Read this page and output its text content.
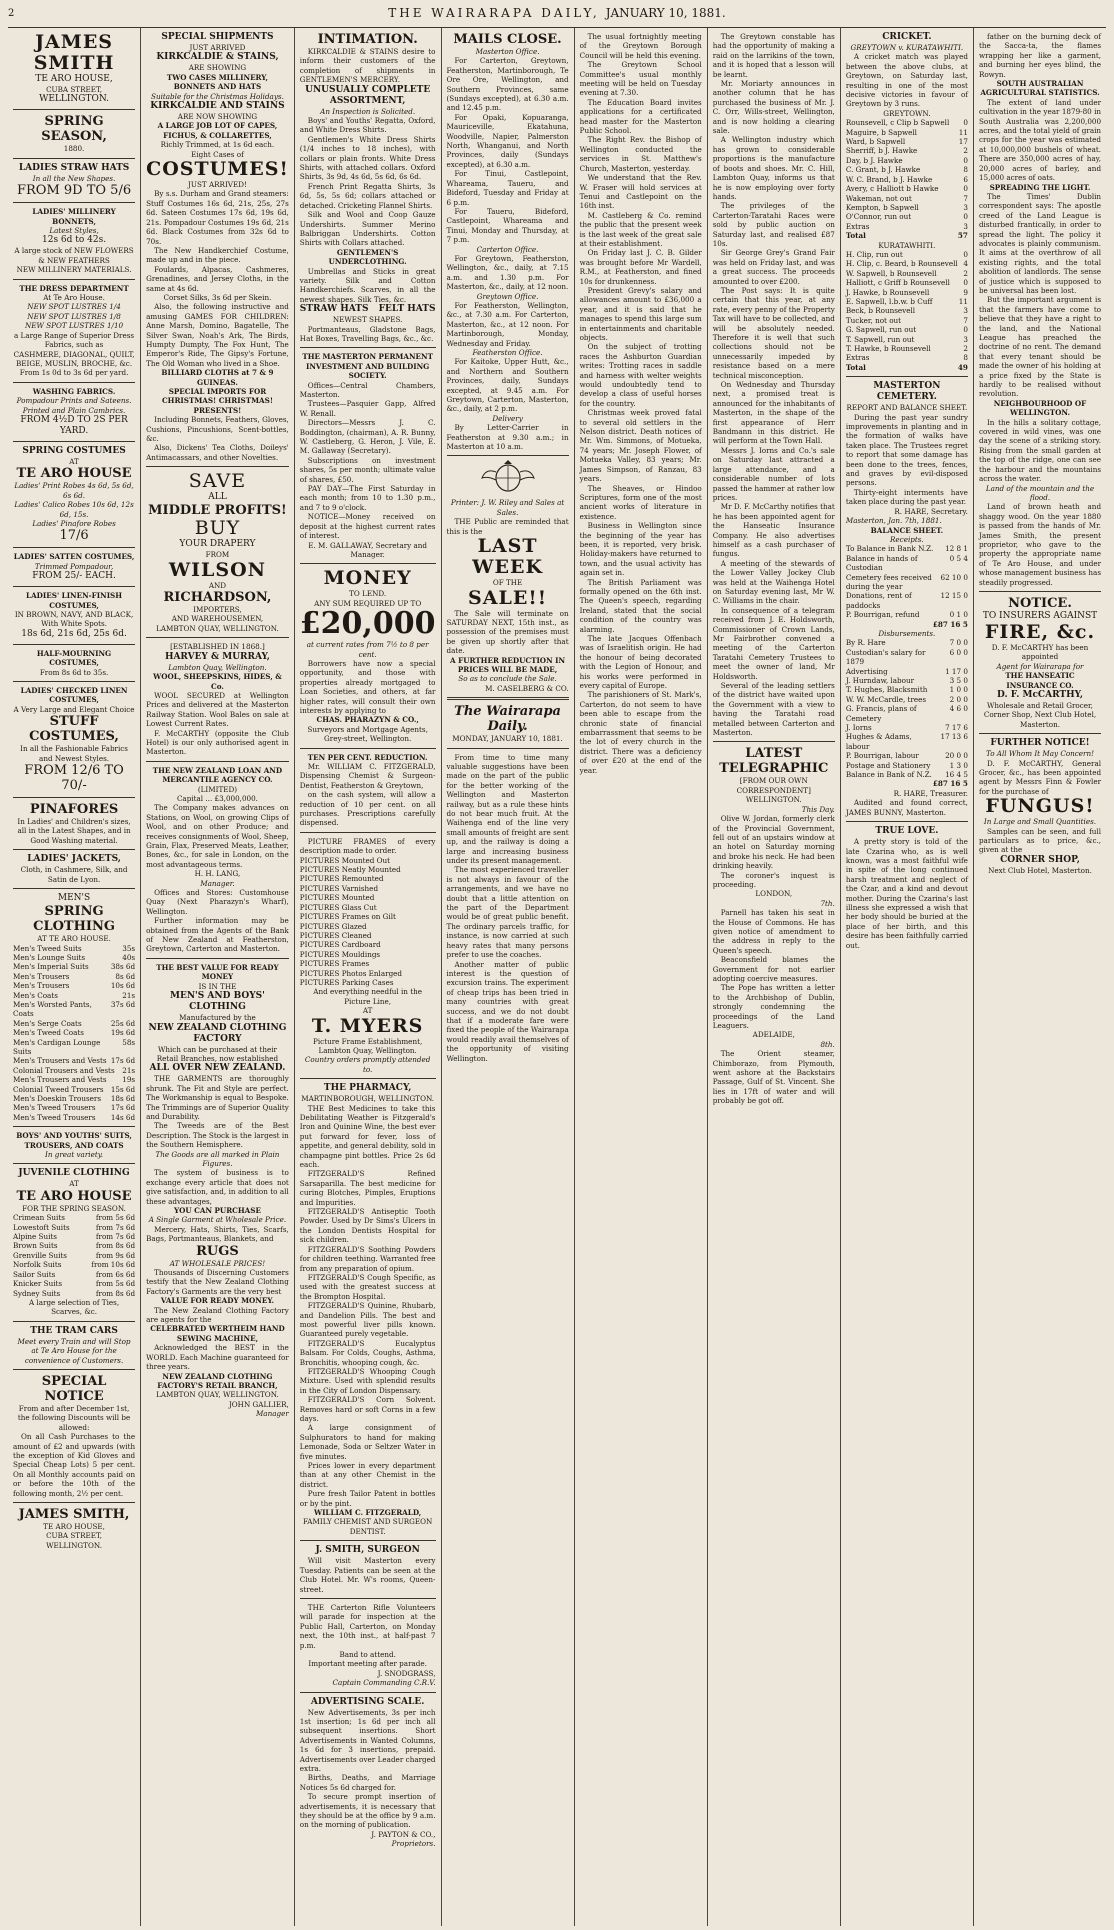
2	THE WAIRARAPA DAILY, JANUARY 10, 1881.
JAMES SMITH
TE ARO HOUSE,
CUBA STREET,
WELLINGTON.
SPRING SEASON,
1880.
LADIES STRAW HATS
In all the New Shapes.
FROM 9D TO 5/6
LADIES' MILLINERY BONNETS,
Latest Styles,
12s 6d to 42s.
A large stock of NEW FLOWERS & NEW FEATHERS
NEW MILLINERY MATERIALS.
THE DRESS DEPARTMENT
At Te Aro House.
NEW SPOT LUSTRES 1/4
NEW SPOT LUSTRES 1/8
NEW SPOT LUSTRES 1/10
a Large Range of Superior Dress Fabrics, such as
CASHMERE, DIAGONAL, QUILT, BEIGE, MUSLIN, BROCHE, &c.
From 1s 0d to 3s 6d per yard.
WASHING FABRICS.
Pompadour Prints and Sateens. Printed and Plain Cambrics.
FROM 4½D TO 2S PER YARD.
SPRING COSTUMES
AT
TE ARO HOUSE
Ladies' Print Robes 4s 6d, 5s 6d, 6s 6d.
Ladies' Calico Robes 10s 6d, 12s 6d, 15s.
Ladies' Pinafore Robes
17/6
LADIES' SATTEN COSTUMES,
Trimmed Pompadour,
FROM 25/- EACH.
LADIES' LINEN-FINISH COSTUMES,
IN BROWN, NAVY, AND BLACK, With White Spots.
18s 6d, 21s 6d, 25s 6d.
HALF-MOURNING COSTUMES,
From 8s 6d to 35s.
LADIES' CHECKED LINEN COSTUMES,
A Very Large and Elegant Choice
STUFF COSTUMES,
In all the Fashionable Fabrics and Newest Styles.
FROM 12/6 TO 70/-
PINAFORES
In Ladies' and Children's sizes, all in the Latest Shapes, and in Good Washing material.
LADIES' JACKETS,
Cloth, in Cashmere, Silk, and Satin de Lyon.
MEN'S
SPRING CLOTHING
AT TE ARO HOUSE.
Men's Tweed Suits	35s
Men's Lounge Suits	40s
Men's Imperial Suits	38s 6d
Men's Trousers	8s 6d
Men's Trousers	10s 6d
Men's Coats	21s
Men's Worsted Pants, Coats
37s 6d
Men's Serge Coats	25s 6d
Men's Tweed Coats	19s 6d
Men's Cardigan Lounge Suits
58s
Men's Trousers and Vests 17s 6d
Colonial Trousers and Vests	21s
Men's Trousers and Vests	19s
Colonial Tweed Trousers	15s 6d
Men's Doeskin Trousers	18s 6d
Men's Tweed Trousers	17s 6d
Men's Tweed Trousers	14s 6d
BOYS' AND YOUTHS' SUITS, TROUSERS, AND COATS
In great variety.
JUVENILE CLOTHING
AT
TE ARO HOUSE
FOR THE SPRING SEASON.
Crimean Suits	from 5s 6d
Lowestoft Suits	from 7s 6d
Alpine Suits	from 7s 6d
Brown Suits	from 8s 6d
Grenville Suits	from 9s 6d
Norfolk Suits	from 10s 6d
Sailor Suits	from 6s 6d
Knicker Suits	from 5s 6d
Sydney Suits	from 8s 6d
A large selection of Ties, Scarves, &c.
THE TRAM CARS
Meet every Train and will Stop at Te Aro House for the convenience of Customers.
SPECIAL NOTICE
From and after December 1st, the following Discounts will be allowed:
On all Cash Purchases to the amount of £2 and upwards (with the exception of Kid Gloves and Special Cheap Lots) 5 per cent. On all Monthly accounts paid on or before the 10th of the following month, 2½ per cent.
JAMES SMITH,
TE ARO HOUSE,
CUBA STREET,
WELLINGTON.
SPECIAL SHIPMENTS
JUST ARRIVED
KIRKCALDIE & STAINS,
ARE SHOWING
TWO CASES MILLINERY, BONNETS AND HATS
Suitable for the Christmas Holidays.
KIRKCALDIE AND STAINS
ARE NOW SHOWING
A LARGE JOB LOT OF CAPES, FICHUS, & COLLARETTES,
Richly Trimmed, at 1s 6d each.
Eight Cases of
COSTUMES!
JUST ARRIVED!
By s.s. Durham and Grand steamers: Stuff Costumes 16s 6d, 21s, 25s, 27s 6d. Sateen Costumes 17s 6d, 19s 6d, 21s. Pompadour Costumes 19s 6d, 21s 6d. Black Costumes from 32s 6d to 70s.
The New Handkerchief Costume, made up and in the piece.
Foulards, Alpacas, Cashmeres, Grenadines, and Jersey Cloths, in the same at 4s 6d.
Corset Silks, 3s 6d per Skein.
Also, the following instructive and amusing GAMES FOR CHILDREN: Anne Marsh, Domino, Bagatelle, The Silver Swan, Noah's Ark, The Birds, Humpty Dumpty, The Fox Hunt, The Emperor's Ride, The Gipsy's Fortune, The Old Woman who lived in a Shoe.
BILLIARD CLOTHS at 7 & 9 GUINEAS.
SPECIAL IMPORTS FOR CHRISTMAS! CHRISTMAS! PRESENTS!
Including Bonnets, Feathers, Gloves, Cushions, Pincushions, Scent-bottles, &c.
Also, Dickens' Tea Cloths, Doileys' Antimacassars, and other Novelties.
SAVE
ALL
MIDDLE PROFITS!
BUY
YOUR DRAPERY
FROM
WILSON
AND
RICHARDSON,
IMPORTERS,
AND WAREHOUSEMEN,
LAMBTON QUAY, WELLINGTON.
[ESTABLISHED IN 1868.]
HARVEY & MURRAY,
Lambton Quay, Wellington.
WOOL, SHEEPSKINS, HIDES, & Co.
WOOL SECURED at Wellington Prices and delivered at the Masterton Railway Station. Wool Bales on sale at Lowest Current Rates.
F. McCARTHY (opposite the Club Hotel) is our only authorised agent in Masterton.
THE NEW ZEALAND LOAN AND MERCANTILE AGENCY CO.
(LIMITED)
Capital ... £3,000,000.
The Company makes advances on Stations, on Wool, on growing Clips of Wool, and on other Produce; and receives consignments of Wool, Sheep, Grain, Flax, Preserved Meats, Leather, Bones, &c., for sale in London, on the most advantageous terms.
H. H. LANG,
Manager.
Offices and Stores: Customhouse Quay (Next Pharazyn's Wharf), Wellington.
Further information may be obtained from the Agents of the Bank of New Zealand at Featherston, Greytown, Carterton and Masterton.
THE BEST VALUE FOR READY MONEY
IS IN THE
MEN'S AND BOYS' CLOTHING
Manufactured by the
NEW ZEALAND CLOTHING FACTORY
Which can be purchased at their Retail Branches, now established
ALL OVER NEW ZEALAND.
THE GARMENTS are thoroughly shrunk. The Fit and Style are perfect. The Workmanship is equal to Bespoke. The Trimmings are of Superior Quality and Durability.
The Tweeds are of the Best Description. The Stock is the largest in the Southern Hemisphere.
The Goods are all marked in Plain Figures.
The system of business is to exchange every article that does not give satisfaction, and, in addition to all these advantages,
YOU CAN PURCHASE
A Single Garment at Wholesale Price.
Mercery, Hats, Shirts, Ties, Scarfs, Bags, Portmanteaus, Blankets, and
RUGS
AT WHOLESALE PRICES!
Thousands of Discerning Customers testify that the New Zealand Clothing Factory's Garments are the very best
VALUE FOR READY MONEY.
The New Zealand Clothing Factory are agents for the
CELEBRATED WERTHEIM HAND SEWING MACHINE,
Acknowledged the BEST in the WORLD. Each Machine guaranteed for three years.
NEW ZEALAND CLOTHING FACTORY'S RETAIL BRANCH,
LAMBTON QUAY, WELLINGTON.
JOHN GALLIER,
Manager
INTIMATION.
KIRKCALDIE & STAINS desire to inform their customers of the completion of shipments in GENTLEMEN'S MERCERY.
UNUSUALLY COMPLETE ASSORTMENT,
An Inspection is Solicited.
Boys' and Youths' Regatta, Oxford, and White Dress Shirts.
Gentlemen's White Dress Shirts (1/4 inches to 18 inches), with collars or plain fronts. White Dress Shirts, with attached collars. Oxford Shirts, 3s 9d, 4s 6d, 5s 6d, 6s 6d.
French Print Regatta Shirts, 3s 6d, 5s, 5s 6d; collars attached or detached. Cricketing Flannel Shirts.
Silk and Wool and Coop Gauze Undershirts. Summer Merino Balbriggan Undershirts. Cotton Shirts with Collars attached.
GENTLEMEN'S UNDERCLOTHING.
Umbrellas and Sticks in great variety. Silk and Cotton Handkerchiefs. Scarves, in all the newest shapes. Silk Ties, &c.
STRAW HATS FELT HATS
NEWEST SHAPES.
Portmanteaus, Gladstone Bags, Hat Boxes, Travelling Bags, &c., &c.
THE MASTERTON PERMANENT INVESTMENT AND BUILDING SOCIETY.
Offices—Central Chambers, Masterton.
Trustees—Pasquier Gapp, Alfred W. Renall.
Directors—Messrs J. C. Boddington, (chairman), A. R. Bunny, W. Castleberg, G. Heron, J. Vile, E. M. Gallaway (Secretary).
Subscriptions on investment shares, 5s per month; ultimate value of shares, £50.
PAY DAY—The First Saturday in each month; from 10 to 1.30 p.m., and 7 to 9 o'clock.
NOTICE—Money received on deposit at the highest current rates of interest.
E. M. GALLAWAY, Secretary and Manager.
MONEY
TO LEND.
ANY SUM REQUIRED UP TO
£20,000
at current rates from 7½ to 8 per cent.
Borrowers have now a special opportunity, and those with properties already mortgaged to Loan Societies, and others, at far higher rates, will consult their own interests by applying to
CHAS. PHARAZYN & CO.,
Surveyors and Mortgage Agents, Grey-street, Wellington.
TEN PER CENT. REDUCTION.
Mr. WILLIAM C. FITZGERALD, Dispensing Chemist & Surgeon-Dentist, Featherston & Greytown,
on the cash system, will allow a reduction of 10 per cent. on all purchases. Prescriptions carefully dispensed.
PICTURE FRAMES of every description made to order.
PICTURES Mounted Out
PICTURES Neatly Mounted
PICTURES Remounted
PICTURES Varnished
PICTURES Mounted
PICTURES Glass Cut
PICTURES Frames on Gilt
PICTURES Glazed
PICTURES Cleaned
PICTURES Cardboard
PICTURES Mouldings
PICTURES Frames
PICTURES Photos Enlarged
PICTURES Parking Cases
And everything needful in the Picture Line,
AT
T. MYERS
Picture Frame Establishment, Lambton Quay, Wellington.
Country orders promptly attended to.
THE PHARMACY,
MARTINBOROUGH, WELLINGTON.
THE Best Medicines to take this Debilitating Weather is Fitzgerald's Iron and Quinine Wine, the best ever put forward for fever, loss of appetite, and general debility, sold in champagne pint bottles. Price 2s 6d each.
FITZGERALD'S Refined Sarsaparilla. The best medicine for curing Blotches, Pimples, Eruptions and Impurities.
FITZGERALD'S Antiseptic Tooth Powder. Used by Dr Sims's Ulcers in the London Dentists Hospital for sick children.
FITZGERALD'S Soothing Powders for children teething. Warranted free from any preparation of opium.
FITZGERALD'S Cough Specific, as used with the greatest success at the Brompton Hospital.
FITZGERALD'S Quinine, Rhubarb, and Dandelion Pills. The best and most powerful liver pills known. Guaranteed purely vegetable.
FITZGERALD'S Eucalyptus Balsam. For Colds, Coughs, Asthma, Bronchitis, whooping cough, &c.
FITZGERALD'S Whooping Cough Mixture. Used with splendid results in the City of London Dispensary.
FITZGERALD'S Corn Solvent. Removes hard or soft Corns in a few days.
A large consignment of Sulphurators to hand for making Lemonade, Soda or Seltzer Water in five minutes.
Prices lower in every department than at any other Chemist in the district.
Pure fresh Tailor Patent in bottles or by the pint.
WILLIAM C. FITZGERALD,
FAMILY CHEMIST AND SURGEON DENTIST.
J. SMITH, SURGEON
Will visit Masterton every Tuesday. Patients can be seen at the Club Hotel. Mr. W's rooms, Queen-street.
THE Carterton Rifle Volunteers will parade for inspection at the Public Hall, Carterton, on Monday next, the 10th inst., at half-past 7 p.m.
Band to attend.
Important meeting after parade.
J. SNODGRASS,
Captain Commanding C.R.V.
ADVERTISING SCALE.
New Advertisements, 3s per inch 1st insertion; 1s 6d per inch all subsequent insertions. Short Advertisements in Wanted Columns, 1s 6d for 3 insertions, prepaid. Advertisements over Leader charged extra.
Births, Deaths, and Marriage Notices 5s 6d charged for.
To secure prompt insertion of advertisements, it is necessary that they should be at the office by 9 a.m. on the morning of publication.
J. PAYTON & CO.,
Proprietors.
MAILS CLOSE.
Masterton Office.
For Carterton, Greytown, Featherston, Martinborough, Te Ore Ore, Wellington, and Southern Provinces, same (Sundays excepted), at 6.30 a.m. and 12.45 p.m.
For Opaki, Kopuaranga, Mauriceville, Ekatahuna, Woodville, Napier, Palmerston North, Whanganui, and North Provinces, daily (Sundays excepted), at 6.30 a.m.
For Tinui, Castlepoint, Whareama, Taueru, and Bideford, Tuesday and Friday at 6 p.m.
For Taueru, Bideford, Castlepoint, Whareama and Tinui, Monday and Thursday, at 7 p.m.
Carterton Office.
For Greytown, Featherston, Wellington, &c., daily, at 7.15 a.m. and 1.30 p.m. For Masterton, &c., daily, at 12 noon.
Greytown Office.
For Featherston, Wellington, &c., at 7.30 a.m. For Carterton, Masterton, &c., at 12 noon. For Martinborough, Monday, Wednesday and Friday.
Featherston Office.
For Kaitoke, Upper Hutt, &c., and Northern and Southern Provinces, daily, Sundays excepted, at 9.45 a.m. For Greytown, Carterton, Masterton, &c., daily, at 2 p.m.
Delivery
By Letter-Carrier in Featherston at 9.30 a.m.; in Masterton at 10 a.m.
Printer: J. W. Riley and Sales at Sales.
THE Public are reminded that this is the
LAST WEEK
OF THE
SALE!!
The Sale will terminate on SATURDAY NEXT, 15th inst., as possession of the premises must be given up shortly after that date.
A FURTHER REDUCTION IN PRICES WILL BE MADE,
So as to conclude the Sale.
M. CASELBERG & CO.
The Wairarapa Daily.
MONDAY, JANUARY 10, 1881.
From time to time many valuable suggestions have been made on the part of the public for the better working of the Wellington and Masterton railway, but as a rule these hints do not bear much fruit. At the Waihenga end of the line very small amounts of freight are sent up, and the railway is doing a large and increasing business under its present management.
The most experienced traveller is not always in favour of the arrangements, and we have no doubt that a little attention on the part of the Department would be of great public benefit. The ordinary parcels traffic, for instance, is now carried at such heavy rates that many persons prefer to use the coaches.
Another matter of public interest is the question of excursion trains. The experiment of cheap trips has been tried in many countries with great success, and we do not doubt that if a moderate fare were fixed the people of the Wairarapa would readily avail themselves of the opportunity of visiting Wellington.
The usual fortnightly meeting of the Greytown Borough Council will be held this evening.
The Greytown School Committee's usual monthly meeting will be held on Tuesday evening at 7.30.
The Education Board invites applications for a certificated head master for the Masterton Public School.
The Right Rev. the Bishop of Wellington conducted the services in St. Matthew's Church, Masterton, yesterday.
We understand that the Rev. W. Fraser will hold services at Tenui and Castlepoint on the 16th inst.
M. Castleberg & Co. remind the public that the present week is the last week of the great sale at their establishment.
On Friday last J. C. B. Gilder was brought before Mr Wardell, R.M., at Featherston, and fined 10s for drunkenness.
President Grevy's salary and allowances amount to £36,000 a year, and it is said that he manages to spend this large sum in entertainments and charitable objects.
On the subject of trotting races the Ashburton Guardian writes: Trotting races in saddle and harness with welter weights would undoubtedly tend to develop a class of useful horses for the country.
Christmas week proved fatal to several old settlers in the Nelson district. Death notices of Mr. Wm. Simmons, of Motueka, 74 years; Mr. Joseph Flower, of Motueka Valley, 83 years; Mr. James Simpson, of Ranzau, 83 years.
The Sheaves, or Hindoo Scriptures, form one of the most ancient works of literature in existence.
Business in Wellington since the beginning of the year has been, it is reported, very brisk. Holiday-makers have returned to town, and the usual activity has again set in.
The British Parliament was formally opened on the 6th inst. The Queen's speech, regarding Ireland, stated that the social condition of the country was alarming.
The late Jacques Offenbach was of Israelitish origin. He had the honour of being decorated with the Legion of Honour, and his works were performed in every capital of Europe.
The parishioners of St. Mark's, Carterton, do not seem to have been able to escape from the chronic state of financial embarrassment that seems to be the lot of every church in the district. There was a deficiency of over £20 at the end of the year.
The Greytown constable has had the opportunity of making a raid on the larrikins of the town, and it is hoped that a lesson will be learnt.
Mr. Moriarty announces in another column that he has purchased the business of Mr. J. C. Orr, Wills-street, Wellington, and is now holding a clearing sale.
A Wellington industry which has grown to considerable proportions is the manufacture of boots and shoes. Mr. C. Hill, Lambton Quay, informs us that he is now employing over forty hands.
The privileges of the Carterton-Taratahi Races were sold by public auction on Saturday last, and realised £87 10s.
Sir George Grey's Grand Fair was held on Friday last, and was a great success. The proceeds amounted to over £200.
The Post says: It is quite certain that this year, at any rate, every penny of the Property Tax will have to be collected, and will be absolutely needed. Therefore it is well that such collections should not be unnecessarily impeded by resistance based on a mere technical misconception.
On Wednesday and Thursday next, a promised treat is announced for the inhabitants of Masterton, in the shape of the first appearance of Herr Bandmann in this district. He will perform at the Town Hall.
Messrs J. Iorns and Co.'s sale on Saturday last attracted a large attendance, and a considerable number of lots passed the hammer at rather low prices.
Mr D. F. McCarthy notifies that he has been appointed agent for the Hanseatic Insurance Company. He also advertises himself as a cash purchaser of fungus.
A meeting of the stewards of the Lower Valley Jockey Club was held at the Waihenga Hotel on Saturday evening last, Mr W. C. Williams in the chair.
In consequence of a telegram received from J. E. Holdsworth, Commissioner of Crown Lands, Mr Fairbrother convened a meeting of the Carterton Taratahi Cemetery Trustees to meet the owner of land, Mr Holdsworth.
Several of the leading settlers of the district have waited upon the Government with a view to having the Taratahi road metalled between Carterton and Masterton.
LATEST TELEGRAPHIC
[FROM OUR OWN CORRESPONDENT]
WELLINGTON.
This Day.
Olive W. Jordan, formerly clerk of the Provincial Government, fell out of an upstairs window at an hotel on Saturday morning and broke his neck. He had been drinking heavily.
The coroner's inquest is proceeding.
LONDON,
7th.
Parnell has taken his seat in the House of Commons. He has given notice of amendment to the address in reply to the Queen's speech.
Beaconsfield blames the Government for not earlier adopting coercive measures.
The Pope has written a letter to the Archbishop of Dublin, strongly condemning the proceedings of the Land Leaguers.
ADELAIDE,
8th.
The Orient steamer, Chimborazo, from Plymouth, went ashore at the Backstairs Passage, Gulf of St. Vincent. She lies in 17ft of water and will probably be got off.
CRICKET.
GREYTOWN v. KURATAWHITI.
A cricket match was played between the above clubs, at Greytown, on Saturday last, resulting in one of the most decisive victories in favour of Greytown by 3 runs.
GREYTOWN.
Rounsevell, c Clip b Sapwell	0
Maguire, b Sapwell	11
Ward, b Sapwell	17
Sherriff, b J. Hawke	2
Day, b J. Hawke	0
C. Grant, b J. Hawke	8
W. C. Brand, b J. Hawke	6
Avery, c Halliott b Hawke	0
Wakeman, not out	7
Kempton, b Sapwell	3
O'Connor, run out	0
Extras	3
Total	57
KURATAWHITI.
H. Clip, run out	0
H. Clip, c. Beard, b Rounsevell 4
W. Sapwell, b Rounsevell	2
Halliott, c Griff b Rounsevell	0
J. Hawke, b Rounsevell	9
E. Sapwell, l.b.w. b Cuff	11
Beck, b Rounsevell	3
Tucker, not out	7
G. Sapwell, run out	0
T. Sapwell, run out	3
T. Hawke, b Rounsevell	2
Extras	8
Total	49
MASTERTON CEMETERY.
REPORT AND BALANCE SHEET.
During the past year sundry improvements in planting and in the formation of walks have taken place. The Trustees regret to report that some damage has been done to the trees, fences, and graves by evil-disposed persons.
Thirty-eight interments have taken place during the past year.
R. HARE, Secretary.
Masterton, Jan. 7th, 1881.
BALANCE SHEET.
Receipts.
To Balance in Bank N.Z.	12 8 1
Balance in hands of Custodian
0 5 4
Cemetery fees received during the year
62 10 0
Donations, rent of paddocks
12 15 0
P. Bourrigan, refund	0 1 0
£87 16 5
Disbursements.
By R. Hare	7 0 0
Custodian's salary for 1879
6 0 0
Advertising	1 17 0
J. Hurndaw, labour	3 5 0
T. Hughes, Blacksmith	1 0 0
W. W. McCardle, trees	2 0 0
G. Francis, plans of Cemetery
4 6 0
J. Iorns	7 17 6
Hughes & Adams, labour
17 13 6
P. Bourrigan, labour	20 0 0
Postage and Stationery	1 3 0
Balance in Bank of N.Z.	16 4 5
£87 16 5
R. HARE, Treasurer.
Audited and found correct, JAMES BUNNY, Masterton.
TRUE LOVE.
A pretty story is told of the late Czarina who, as is well known, was a most faithful wife in spite of the long continued harsh treatment and neglect of the Czar, and a kind and devout mother. During the Czarina's last illness she expressed a wish that her body should be buried at the place of her birth, and this desire has been faithfully carried out.
father on the burning deck of the Sacca-ta, the flames wrapping her like a garment, and burning her eyes blind, the Rowyn.
SOUTH AUSTRALIAN AGRICULTURAL STATISTICS.
The extent of land under cultivation in the year 1879-80 in South Australia was 2,200,000 acres, and the total yield of grain crops for the year was estimated at 10,000,000 bushels of wheat. There are 350,000 acres of hay, 20,000 acres of barley, and 15,000 acres of oats.
SPREADING THE LIGHT.
The Times' Dublin correspondent says: The apostle creed of the Land League is disturbed frantically, in order to spread the light. The policy it advocates is plainly communism. It aims at the overthrow of all existing rights, and the total abolition of landlords. The sense of justice which is supposed to be universal has been lost.
But the important argument is that the farmers have come to believe that they have a right to the land, and the National League has preached the doctrine of no rent. The demand that every tenant should be made the owner of his holding at a price fixed by the State is hardly to be realised without revolution.
NEIGHBOURHOOD OF WELLINGTON.
In the hills a solitary cottage, covered in wild vines, was one day the scene of a striking story. Rising from the small garden at the top of the ridge, one can see the harbour and the mountains across the water.
Land of the mountain and the flood.
Land of brown heath and shaggy wood. On the year 1880 is passed from the hands of Mr. James Smith, the present proprietor, who gave to the property the appropriate name of Te Aro House, and under whose management business has steadily progressed.
NOTICE.
TO INSURERS AGAINST
FIRE, &c.
D. F. McCARTHY has been appointed
Agent for Wairarapa for
THE HANSEATIC INSURANCE CO.
D. F. McCARTHY,
Wholesale and Retail Grocer, Corner Shop, Next Club Hotel, Masterton.
FURTHER NOTICE!
To All Whom It May Concern!
D. F. McCARTHY, General Grocer, &c., has been appointed agent by Messrs Finn & Fowler for the purchase of
FUNGUS!
In Large and Small Quantities.
Samples can be seen, and full particulars as to price, &c., given at the
CORNER SHOP,
Next Club Hotel, Masterton.
